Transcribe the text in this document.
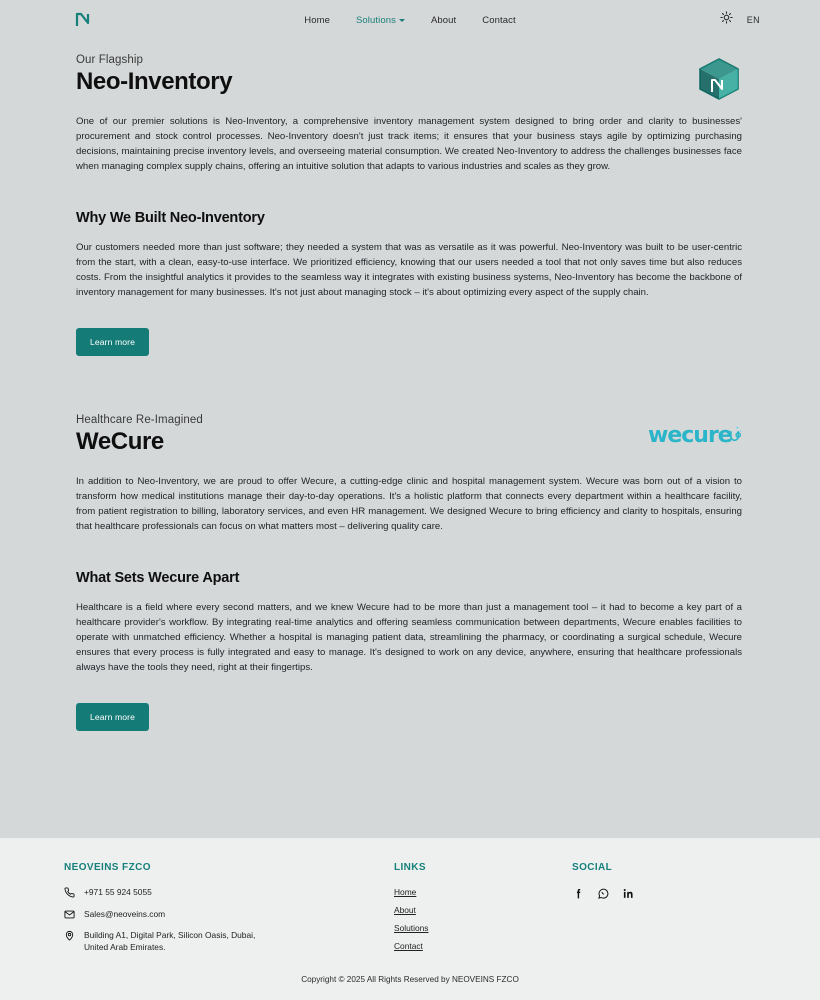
Home	Solutions	About	Contact	EN
Our Flagship
Neo-Inventory

One of our premier solutions is Neo-Inventory, a comprehensive inventory management system designed to bring order and clarity to businesses' procurement and stock control processes. Neo-Inventory doesn't just track items; it ensures that your business stays agile by optimizing purchasing decisions, maintaining precise inventory levels, and overseeing material consumption. We created Neo-Inventory to address the challenges businesses face when managing complex supply chains, offering an intuitive solution that adapts to various industries and scales as they grow.

Why We Built Neo-Inventory

Our customers needed more than just software; they needed a system that was as versatile as it was powerful. Neo-Inventory was built to be user-centric from the start, with a clean, easy-to-use interface. We prioritized efficiency, knowing that our users needed a tool that not only saves time but also reduces costs. From the insightful analytics it provides to the seamless way it integrates with existing business systems, Neo-Inventory has become the backbone of inventory management for many businesses. It's not just about managing stock – it's about optimizing every aspect of the supply chain.

Learn more
wecure
Healthcare Re-Imagined
WeCure

In addition to Neo-Inventory, we are proud to offer Wecure, a cutting-edge clinic and hospital management system. Wecure was born out of a vision to transform how medical institutions manage their day-to-day operations. It's a holistic platform that connects every department within a healthcare facility, from patient registration to billing, laboratory services, and even HR management. We designed Wecure to bring efficiency and clarity to hospitals, ensuring that healthcare professionals can focus on what matters most – delivering quality care.

What Sets Wecure Apart

Healthcare is a field where every second matters, and we knew Wecure had to be more than just a management tool – it had to become a key part of a healthcare provider's workflow. By integrating real-time analytics and offering seamless communication between departments, Wecure enables facilities to operate with unmatched efficiency. Whether a hospital is managing patient data, streamlining the pharmacy, or coordinating a surgical schedule, Wecure ensures that every process is fully integrated and easy to manage. It's designed to work on any device, anywhere, ensuring that healthcare professionals always have the tools they need, right at their fingertips.

Learn more
NEOVEINS FZCO
+971 55 924 5055
Sales@neoveins.com
Building A1, Digital Park, Silicon Oasis, Dubai,
United Arab Emirates.
LINKS
Home
About
Solutions
Contact
SOCIAL
Copyright © 2025 All Rights Reserved by NEOVEINS FZCO
